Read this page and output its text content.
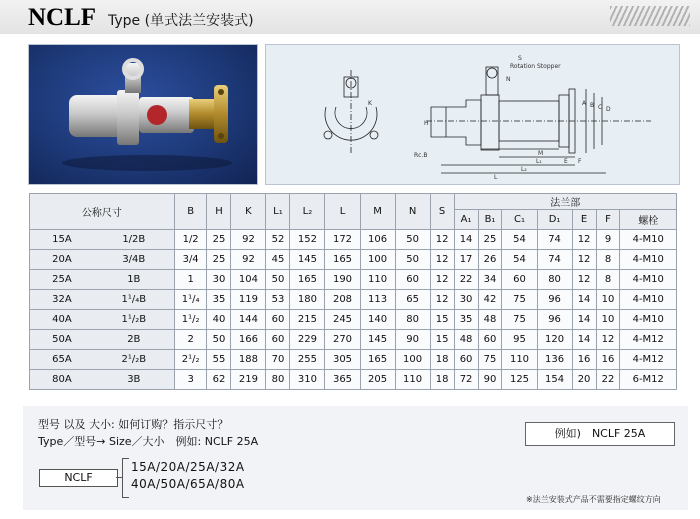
NCLF Type (单式法兰安装式)
S
Rotation Stopper
N
K
H
Rc.B
L₁
L₂
L
M
A B C D
E F
公称尺寸		B	H	K	L₁	L₂	L	M	N	S	法兰部						
											A₁	B₁	C₁	D₁	E	F	螺栓
15A	1/2B	1/2	25	92	52	152	172	106	50	12	14	25	54	74	12	9	4-M10
20A	3/4B	3/4	25	92	45	145	165	100	50	12	17	26	54	74	12	8	4-M10
25A	1B	1	30	104	50	165	190	110	60	12	22	34	60	80	12	8	4-M10
32A	1¹/₄B	1¹/₄	35	119	53	180	208	113	65	12	30	42	75	96	14	10	4-M10
40A	1¹/₂B	1¹/₂	40	144	60	215	245	140	80	15	35	48	75	96	14	10	4-M10
50A	2B	2	50	166	60	229	270	145	90	15	48	60	95	120	14	12	4-M12
65A	2¹/₂B	2¹/₂	55	188	70	255	305	165	100	18	60	75	110	136	16	16	4-M12
80A	3B	3	62	219	80	310	365	205	110	18	72	90	125	154	20	22	6-M12
型号 以及 大小: 如何订购？指示尺寸？
Type／型号→ Size／大小　例如: NCLF 25A
例如)　NCLF 25A
NCLF
15A/20A/25A/32A
40A/50A/65A/80A
※法兰安装式产品不需要指定螺纹方向
